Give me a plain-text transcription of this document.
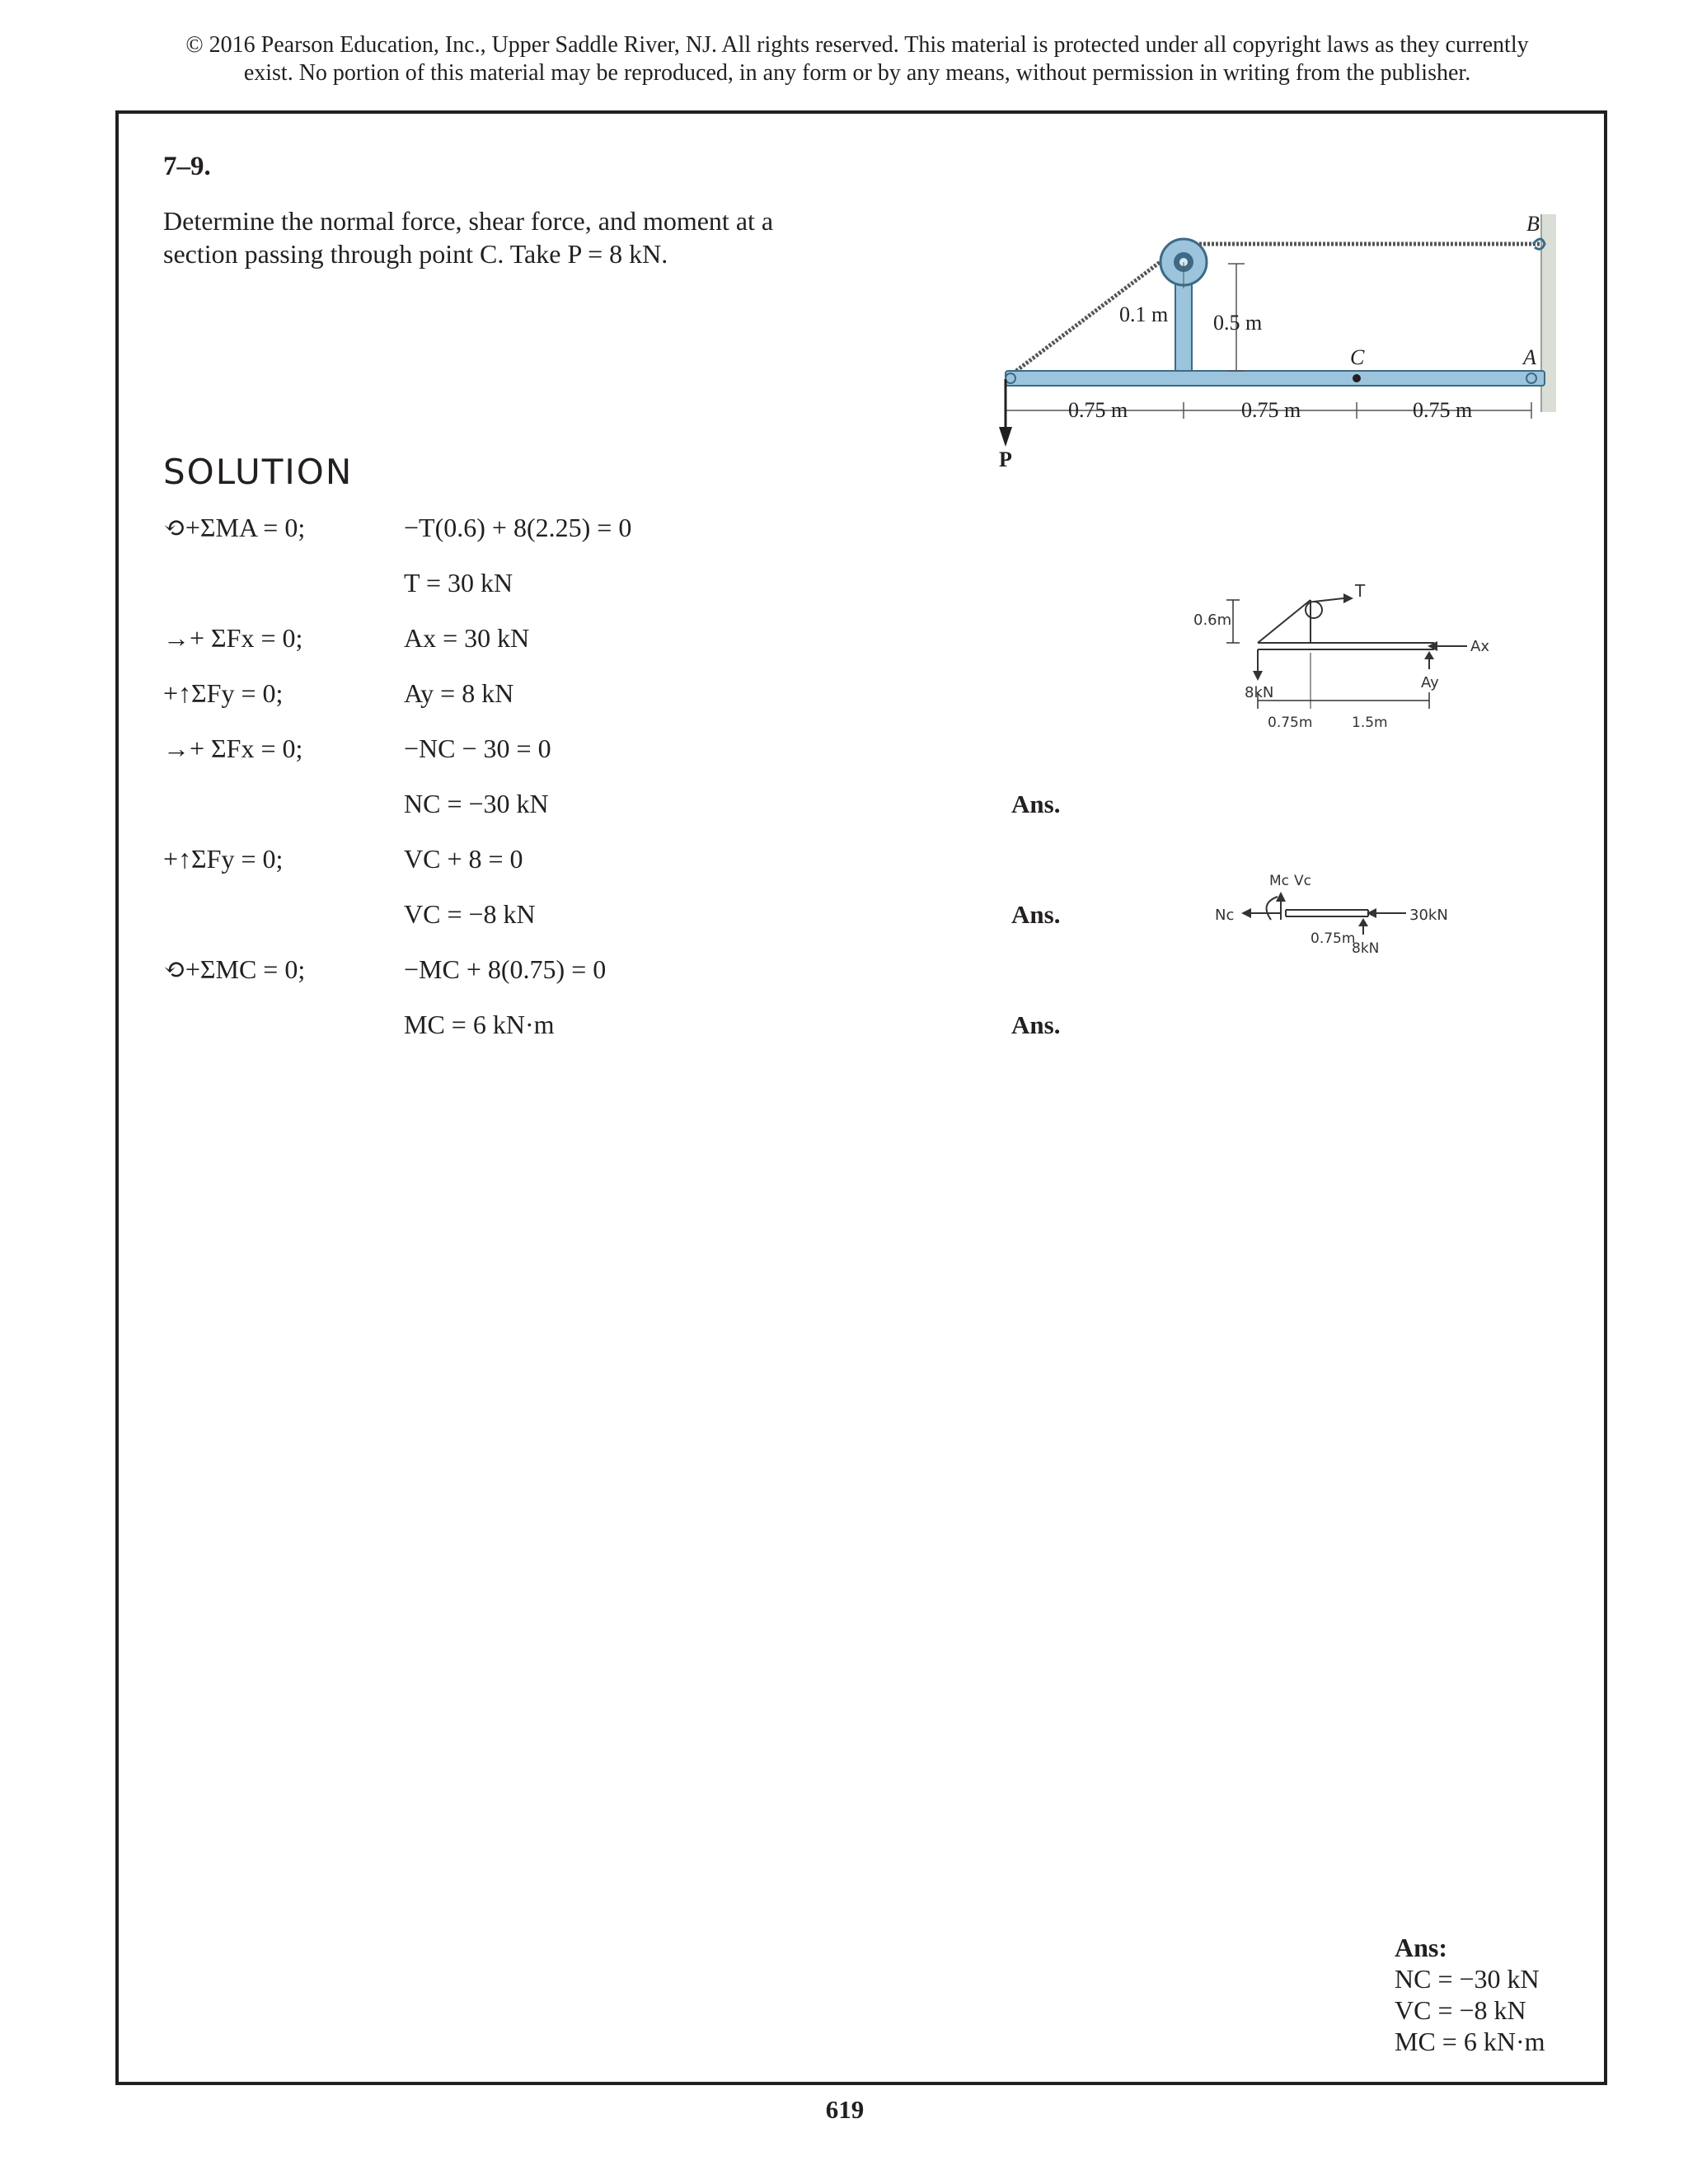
© 2016 Pearson Education, Inc., Upper Saddle River, NJ. All rights reserved. This material is protected under all copyright laws as they currently
exist. No portion of this material may be reproduced, in any form or by any means, without permission in writing from the publisher.
7–9.
Determine the normal force, shear force, and moment at a
section passing through point C. Take P = 8 kN.
B
A
C
P
0.1 m 0.5 m
0.75 m	0.75 m	0.75 m
0.6m
T
Ax
Ay
8kN
0.75m	1.5m
Mc Vc
Nc	30kN
0.75m
8kN
SOLUTION
⟲+ΣMA = 0;	−T(0.6) + 8(2.25) = 0
T = 30 kN
→+ ΣFx = 0;	Ax = 30 kN
+↑ΣFy = 0;	Ay = 8 kN
→+ ΣFx = 0;	−NC − 30 = 0
NC = −30 kN	Ans.
+↑ΣFy = 0;	VC + 8 = 0
VC = −8 kN	Ans.
⟲+ΣMC = 0;	−MC + 8(0.75) = 0
MC = 6 kN·m	Ans.
Ans:
NC = −30 kN
VC = −8 kN
MC = 6 kN·m
619
